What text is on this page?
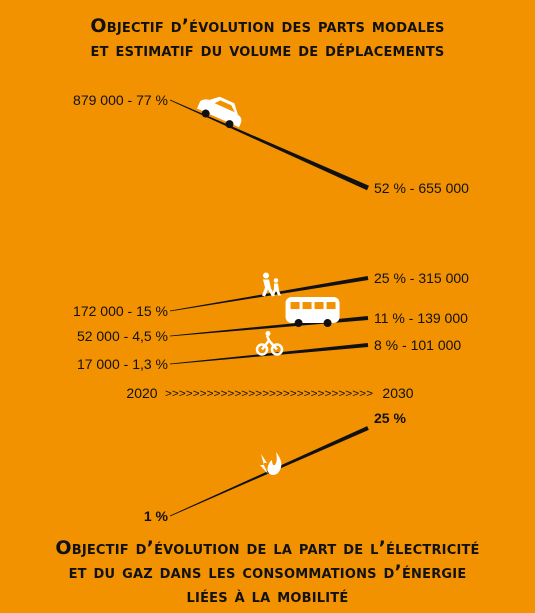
Objectif d’évolution des parts modales
et estimatif du volume de déplacements
879 000 - 77 %
52 % - 655 000
172 000 - 15 %
25 % - 315 000
52 000 - 4,5 %
11 % - 139 000
17 000 - 1,3 %
8 % - 101 000
2020	2030
>>>>>>>>>>>>>>>>>>>>>>>>>>>>>>
1 %
25 %
Objectif d’évolution de la part de l’électricité
et du gaz dans les consommations d’énergie
liées à la mobilité
